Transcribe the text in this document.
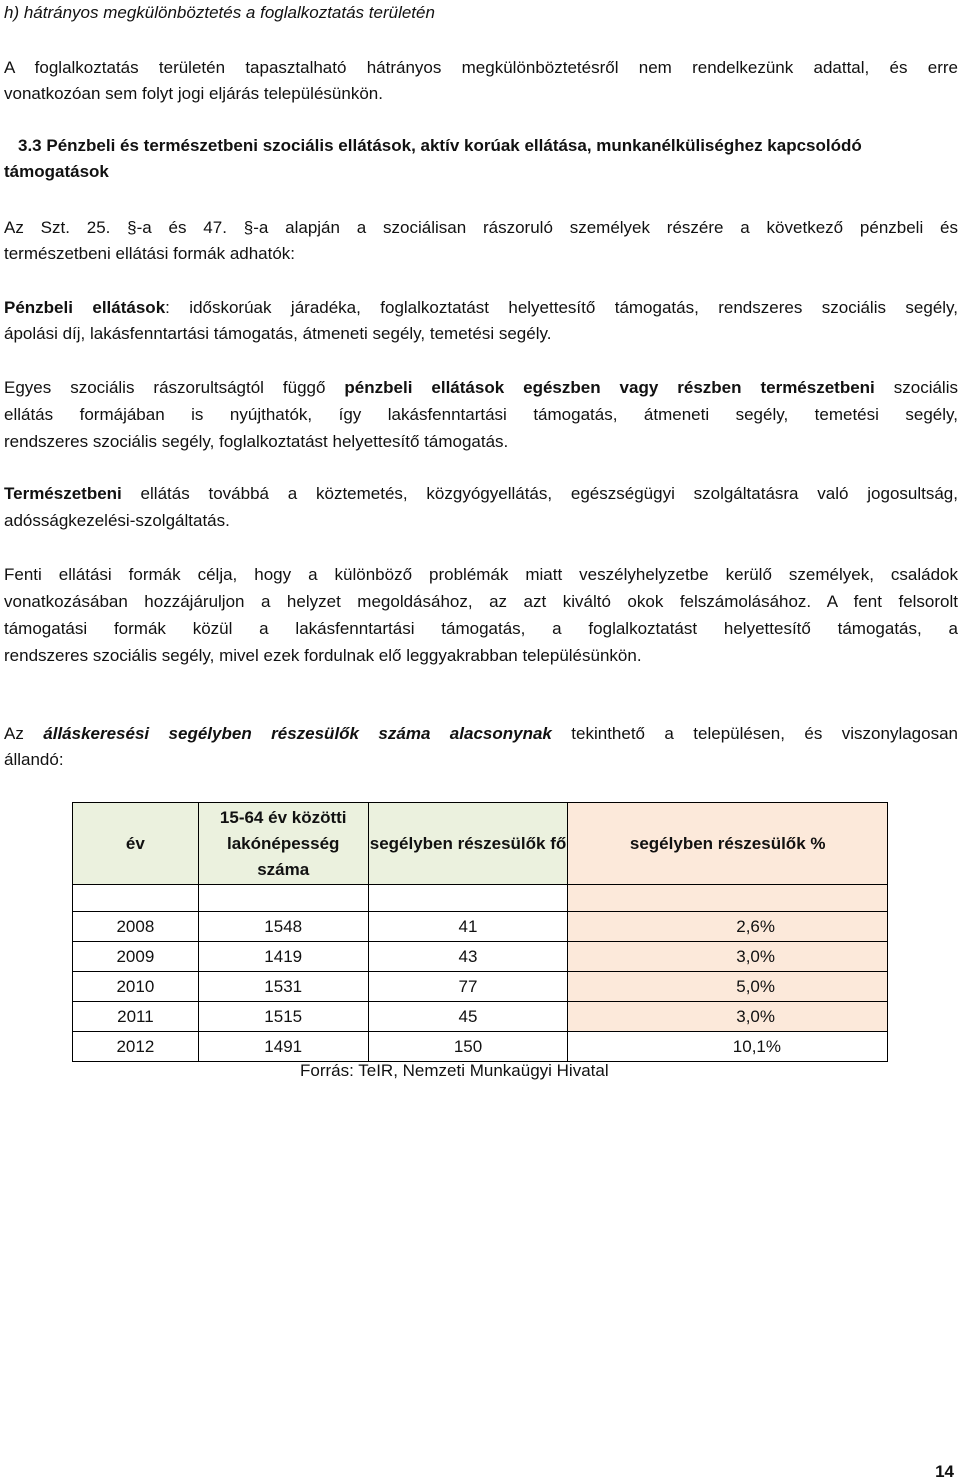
h) hátrányos megkülönböztetés a foglalkoztatás területén
A foglalkoztatás területén tapasztalható hátrányos megkülönböztetésről nem rendelkezünk adattal, és erre
vonatkozóan sem folyt jogi eljárás településünkön.
3.3 Pénzbeli és természetbeni szociális ellátások, aktív korúak ellátása, munkanélküliséghez kapcsolódó
támogatások
Az Szt. 25. §-a és 47. §-a alapján a szociálisan rászoruló személyek részére a következő pénzbeli és
természetbeni ellátási formák adhatók:
Pénzbeli ellátások: időskorúak járadéka, foglalkoztatást helyettesítő támogatás, rendszeres szociális segély,
ápolási díj, lakásfenntartási támogatás, átmeneti segély, temetési segély.
Egyes szociális rászorultságtól függő pénzbeli ellátások egészben vagy részben természetbeni szociális
ellátás formájában is nyújthatók, így lakásfenntartási támogatás, átmeneti segély, temetési segély,
rendszeres szociális segély, foglalkoztatást helyettesítő támogatás.
Természetbeni ellátás továbbá a köztemetés, közgyógyellátás, egészségügyi szolgáltatásra való jogosultság,
adósságkezelési-szolgáltatás.
Fenti ellátási formák célja, hogy a különböző problémák miatt veszélyhelyzetbe kerülő személyek, családok
vonatkozásában hozzájáruljon a helyzet megoldásához, az azt kiváltó okok felszámolásához. A fent felsorolt
támogatási formák közül a lakásfenntartási támogatás, a foglalkoztatást helyettesítő támogatás, a
rendszeres szociális segély, mivel ezek fordulnak elő leggyakrabban településünkön.
Az álláskeresési segélyben részesülők száma alacsonynak tekinthető a településen, és viszonylagosan
állandó:
év	15-64 év közötti
lakónépesség
száma	segélyben részesülők fő	segélyben részesülők %

2008	1548	41	2,6%
2009	1419	43	3,0%
2010	1531	77	5,0%
2011	1515	45	3,0%
2012	1491	150	10,1%
Forrás: TeIR, Nemzeti Munkaügyi Hivatal
14
